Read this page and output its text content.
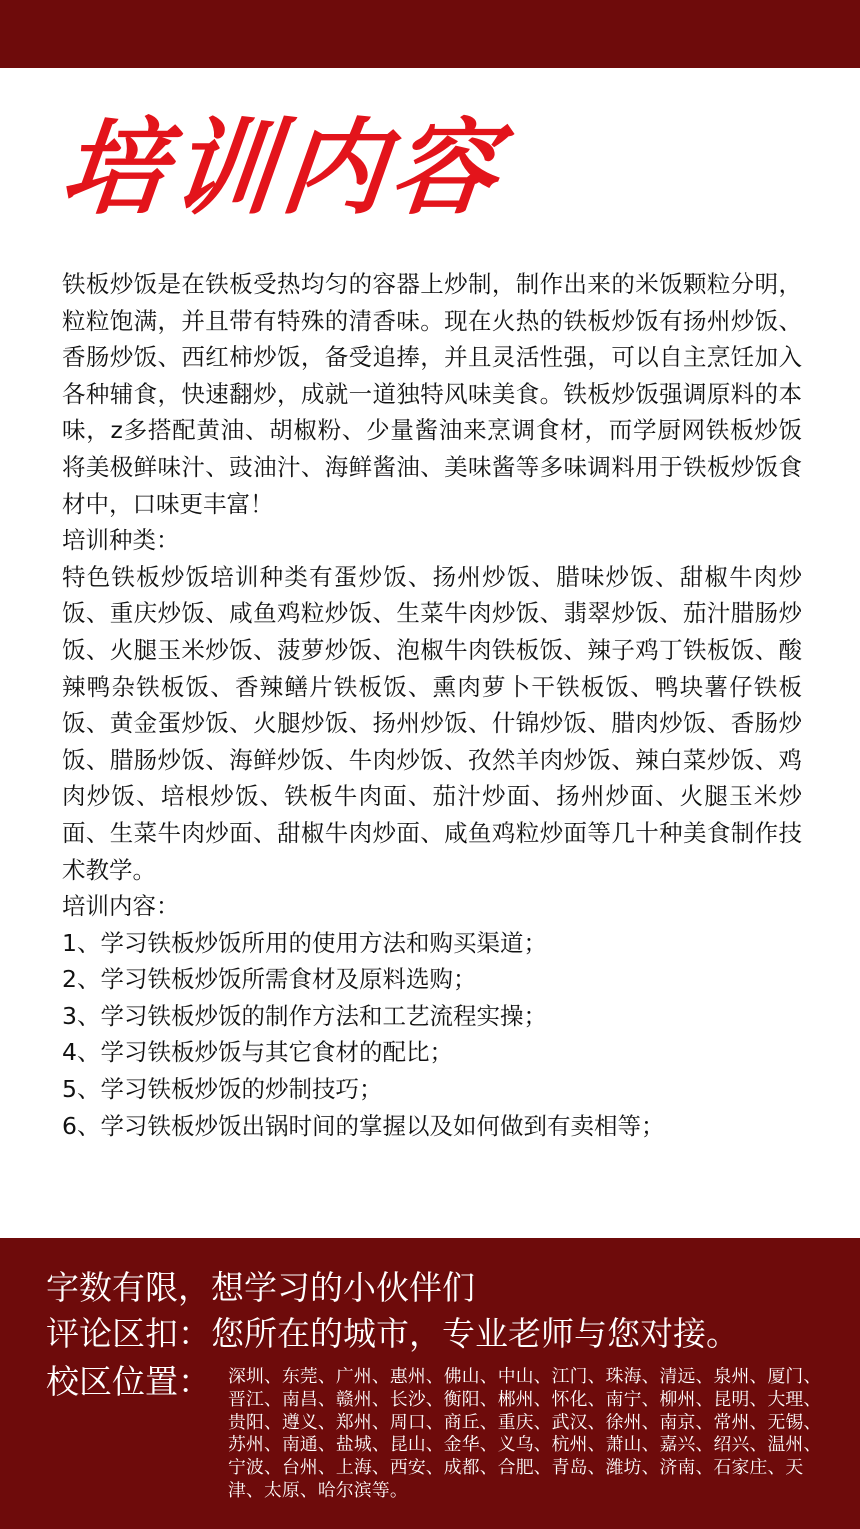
培训内容

铁板炒饭是在铁板受热均匀的容器上炒制，制作出来的米饭颗粒分明，粒粒饱满，并且带有特殊的清香味。现在火热的铁板炒饭有扬州炒饭、香肠炒饭、西红柿炒饭，备受追捧，并且灵活性强，可以自主烹饪加入各种辅食，快速翻炒，成就一道独特风味美食。铁板炒饭强调原料的本味，z多搭配黄油、胡椒粉、少量酱油来烹调食材，而学厨网铁板炒饭将美极鲜味汁、豉油汁、海鲜酱油、美味酱等多味调料用于铁板炒饭食材中，口味更丰富！

培训种类：

特色铁板炒饭培训种类有蛋炒饭、扬州炒饭、腊味炒饭、甜椒牛肉炒饭、重庆炒饭、咸鱼鸡粒炒饭、生菜牛肉炒饭、翡翠炒饭、茄汁腊肠炒饭、火腿玉米炒饭、菠萝炒饭、泡椒牛肉铁板饭、辣子鸡丁铁板饭、酸辣鸭杂铁板饭、香辣鳝片铁板饭、熏肉萝卜干铁板饭、鸭块薯仔铁板饭、黄金蛋炒饭、火腿炒饭、扬州炒饭、什锦炒饭、腊肉炒饭、香肠炒饭、腊肠炒饭、海鲜炒饭、牛肉炒饭、孜然羊肉炒饭、辣白菜炒饭、鸡肉炒饭、培根炒饭、铁板牛肉面、茄汁炒面、扬州炒面、火腿玉米炒面、生菜牛肉炒面、甜椒牛肉炒面、咸鱼鸡粒炒面等几十种美食制作技术教学。

培训内容：
1、学习铁板炒饭所用的使用方法和购买渠道；
2、学习铁板炒饭所需食材及原料选购；
3、学习铁板炒饭的制作方法和工艺流程实操；
4、学习铁板炒饭与其它食材的配比；
5、学习铁板炒饭的炒制技巧；
6、学习铁板炒饭出锅时间的掌握以及如何做到有卖相等；
字数有限，想学习的小伙伴们
评论区扣：您所在的城市，专业老师与您对接。
校区位置： 深圳、东莞、广州、惠州、佛山、中山、江门、珠海、清远、泉州、厦门、晋江、南昌、赣州、长沙、衡阳、郴州、怀化、南宁、柳州、昆明、大理、贵阳、遵义、郑州、周口、商丘、重庆、武汉、徐州、南京、常州、无锡、苏州、南通、盐城、昆山、金华、义乌、杭州、萧山、嘉兴、绍兴、温州、宁波、台州、上海、西安、成都、合肥、青岛、潍坊、济南、石家庄、天津、太原、哈尔滨等。
